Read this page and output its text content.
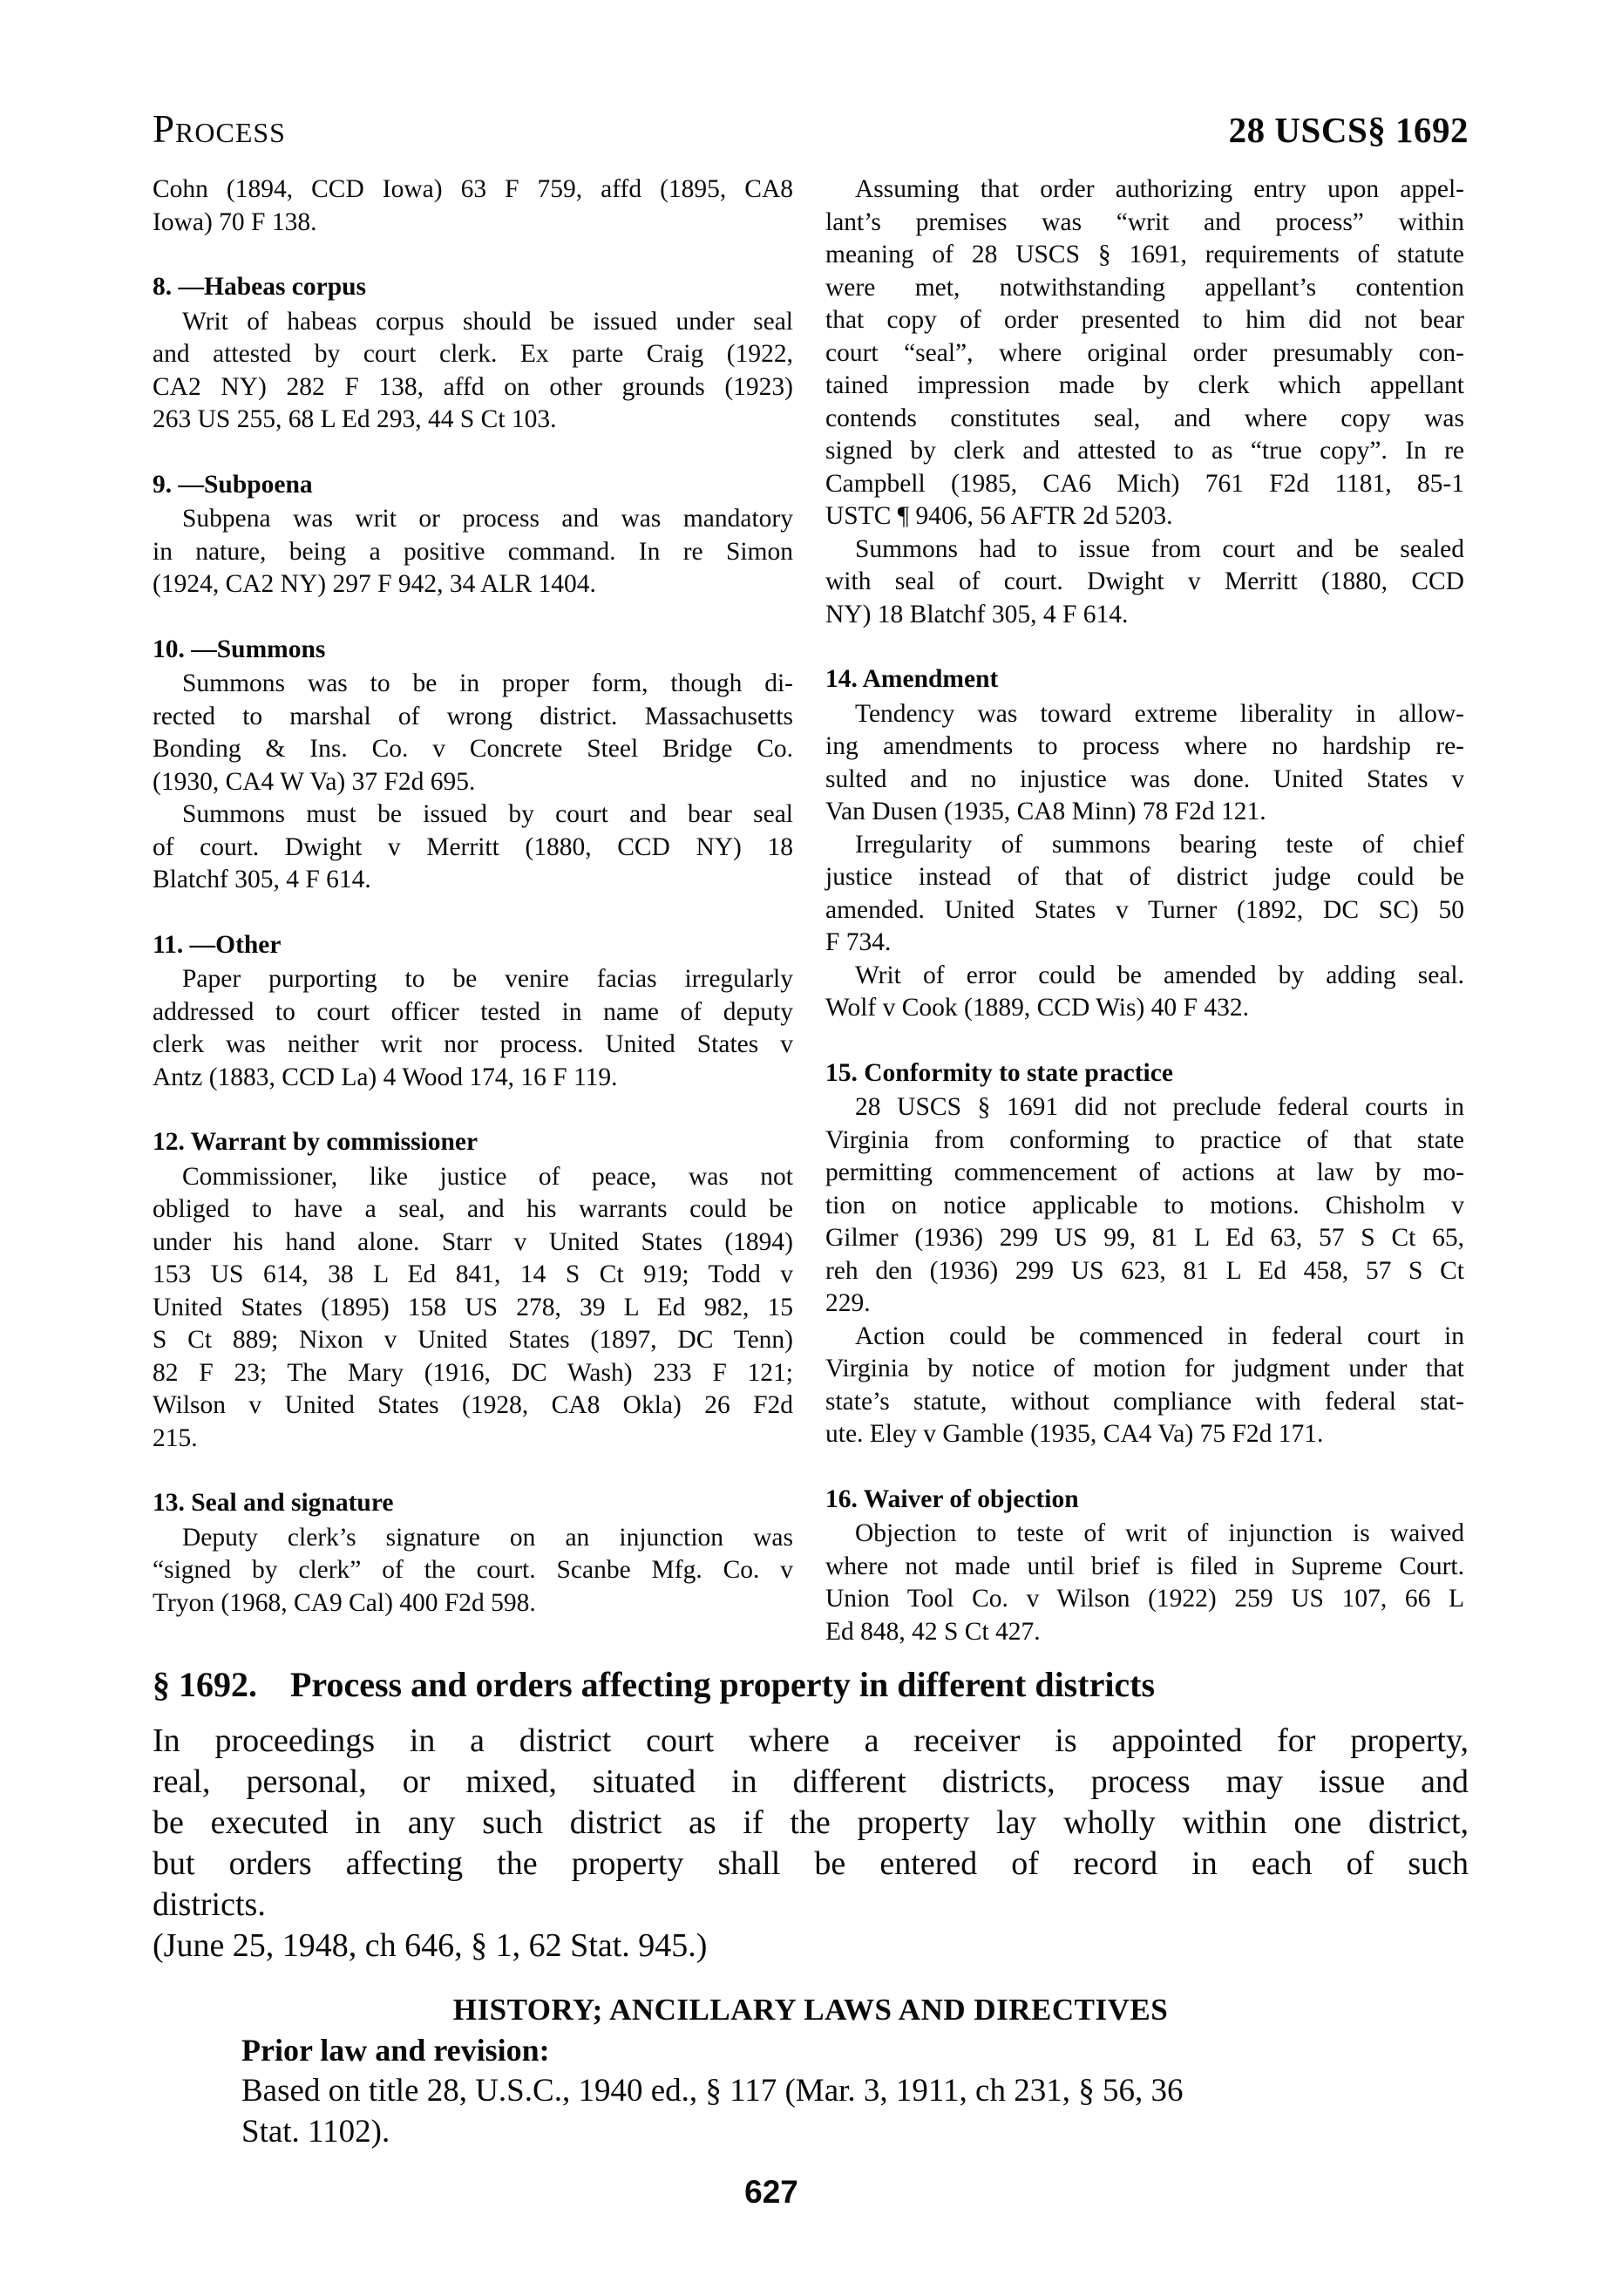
Process	28 USCS§ 1692
Cohn (1894, CCD Iowa) 63 F 759, affd (1895, CA8
Iowa) 70 F 138.
8. —Habeas corpus
Writ of habeas corpus should be issued under seal
and attested by court clerk. Ex parte Craig (1922,
CA2 NY) 282 F 138, affd on other grounds (1923)
263 US 255, 68 L Ed 293, 44 S Ct 103.
9. —Subpoena
Subpena was writ or process and was mandatory
in nature, being a positive command. In re Simon
(1924, CA2 NY) 297 F 942, 34 ALR 1404.
10. —Summons
Summons was to be in proper form, though di-
rected to marshal of wrong district. Massachusetts
Bonding & Ins. Co. v Concrete Steel Bridge Co.
(1930, CA4 W Va) 37 F2d 695.
Summons must be issued by court and bear seal
of court. Dwight v Merritt (1880, CCD NY) 18
Blatchf 305, 4 F 614.
11. —Other
Paper purporting to be venire facias irregularly
addressed to court officer tested in name of deputy
clerk was neither writ nor process. United States v
Antz (1883, CCD La) 4 Wood 174, 16 F 119.
12. Warrant by commissioner
Commissioner, like justice of peace, was not
obliged to have a seal, and his warrants could be
under his hand alone. Starr v United States (1894)
153 US 614, 38 L Ed 841, 14 S Ct 919; Todd v
United States (1895) 158 US 278, 39 L Ed 982, 15
S Ct 889; Nixon v United States (1897, DC Tenn)
82 F 23; The Mary (1916, DC Wash) 233 F 121;
Wilson v United States (1928, CA8 Okla) 26 F2d
215.
13. Seal and signature
Deputy clerk’s signature on an injunction was
“signed by clerk” of the court. Scanbe Mfg. Co. v
Tryon (1968, CA9 Cal) 400 F2d 598.
Assuming that order authorizing entry upon appel-
lant’s premises was “writ and process” within
meaning of 28 USCS § 1691, requirements of statute
were met, notwithstanding appellant’s contention
that copy of order presented to him did not bear
court “seal”, where original order presumably con-
tained impression made by clerk which appellant
contends constitutes seal, and where copy was
signed by clerk and attested to as “true copy”. In re
Campbell (1985, CA6 Mich) 761 F2d 1181, 85-1
USTC ¶ 9406, 56 AFTR 2d 5203.
Summons had to issue from court and be sealed
with seal of court. Dwight v Merritt (1880, CCD
NY) 18 Blatchf 305, 4 F 614.
14. Amendment
Tendency was toward extreme liberality in allow-
ing amendments to process where no hardship re-
sulted and no injustice was done. United States v
Van Dusen (1935, CA8 Minn) 78 F2d 121.
Irregularity of summons bearing teste of chief
justice instead of that of district judge could be
amended. United States v Turner (1892, DC SC) 50
F 734.
Writ of error could be amended by adding seal.
Wolf v Cook (1889, CCD Wis) 40 F 432.
15. Conformity to state practice
28 USCS § 1691 did not preclude federal courts in
Virginia from conforming to practice of that state
permitting commencement of actions at law by mo-
tion on notice applicable to motions. Chisholm v
Gilmer (1936) 299 US 99, 81 L Ed 63, 57 S Ct 65,
reh den (1936) 299 US 623, 81 L Ed 458, 57 S Ct
229.
Action could be commenced in federal court in
Virginia by notice of motion for judgment under that
state’s statute, without compliance with federal stat-
ute. Eley v Gamble (1935, CA4 Va) 75 F2d 171.
16. Waiver of objection
Objection to teste of writ of injunction is waived
where not made until brief is filed in Supreme Court.
Union Tool Co. v Wilson (1922) 259 US 107, 66 L
Ed 848, 42 S Ct 427.
§ 1692. Process and orders affecting property in different districts
In proceedings in a district court where a receiver is appointed for property,
real, personal, or mixed, situated in different districts, process may issue and
be executed in any such district as if the property lay wholly within one district,
but orders affecting the property shall be entered of record in each of such
districts.
(June 25, 1948, ch 646, § 1, 62 Stat. 945.)
HISTORY; ANCILLARY LAWS AND DIRECTIVES
Prior law and revision:
Based on title 28, U.S.C., 1940 ed., § 117 (Mar. 3, 1911, ch 231, § 56, 36
Stat. 1102).
627
